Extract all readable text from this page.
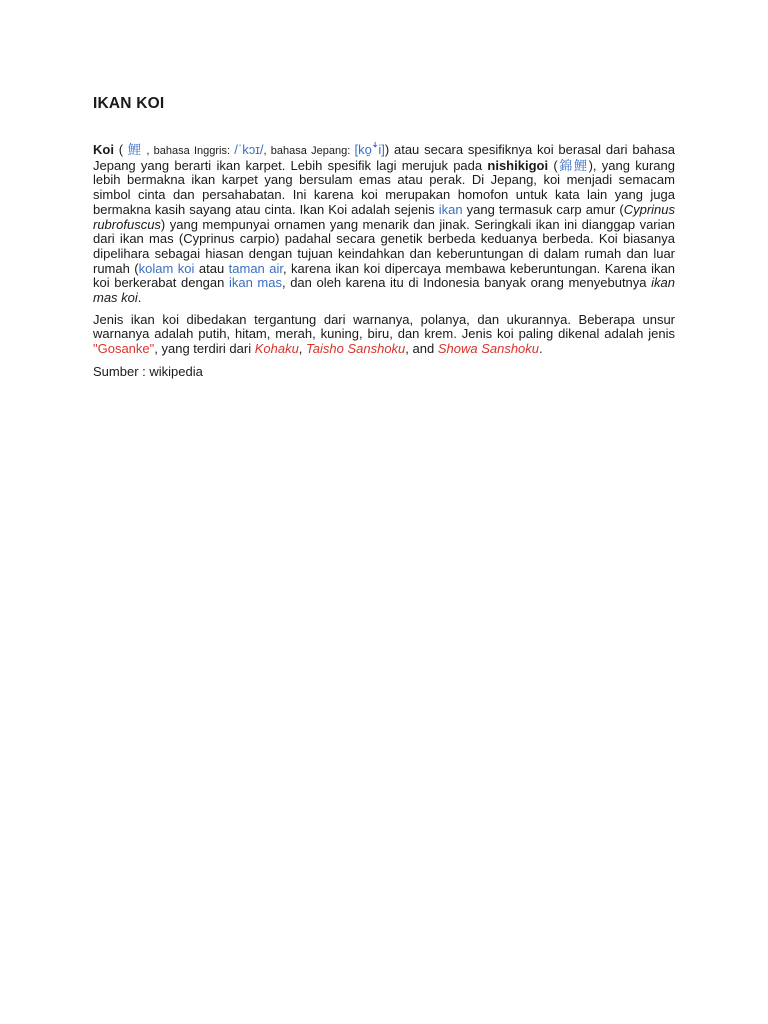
IKAN KOI

Koi ( 鯉 , bahasa Inggris: /ˈkɔɪ/, bahasa Jepang: [ko͍ꜜi]) atau secara spesifiknya koi berasal dari bahasa Jepang yang berarti ikan karpet. Lebih spesifik lagi merujuk pada nishikigoi (錦鯉), yang kurang lebih bermakna ikan karpet yang bersulam emas atau perak. Di Jepang, koi menjadi semacam simbol cinta dan persahabatan. Ini karena koi merupakan homofon untuk kata lain yang juga bermakna kasih sayang atau cinta. Ikan Koi adalah sejenis ikan yang termasuk carp amur (Cyprinus rubrofuscus) yang mempunyai ornamen yang menarik dan jinak. Seringkali ikan ini dianggap varian dari ikan mas (Cyprinus carpio) padahal secara genetik berbeda keduanya berbeda. Koi biasanya dipelihara sebagai hiasan dengan tujuan keindahkan dan keberuntungan di dalam rumah dan luar rumah (kolam koi atau taman air, karena ikan koi dipercaya membawa keberuntungan. Karena ikan koi berkerabat dengan ikan mas, dan oleh karena itu di Indonesia banyak orang menyebutnya ikan mas koi.

Jenis ikan koi dibedakan tergantung dari warnanya, polanya, dan ukurannya. Beberapa unsur warnanya adalah putih, hitam, merah, kuning, biru, dan krem. Jenis koi paling dikenal adalah jenis "Gosanke", yang terdiri dari Kohaku, Taisho Sanshoku, and Showa Sanshoku.

Sumber : wikipedia
